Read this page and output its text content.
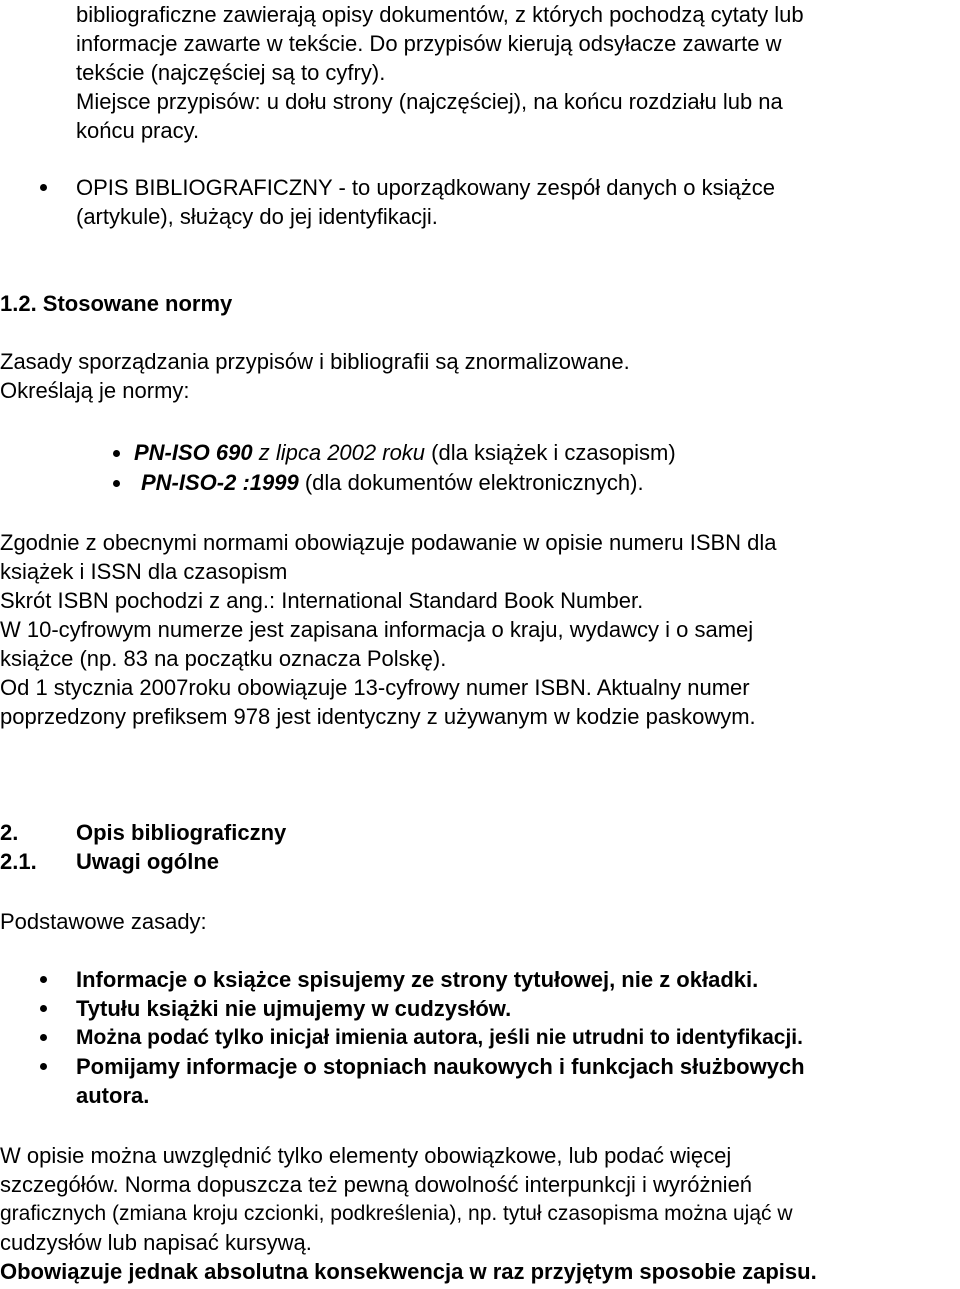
bibliograficzne zawierają opisy dokumentów, z których pochodzą cytaty lub
informacje zawarte w tekście. Do przypisów kierują odsyłacze zawarte w
tekście (najczęściej są to cyfry).
Miejsce przypisów: u dołu strony (najczęściej), na końcu rozdziału lub na
końcu pracy.
OPIS BIBLIOGRAFICZNY - to uporządkowany zespół danych o książce
(artykule), służący do jej identyfikacji.
1.2. Stosowane normy
Zasady sporządzania przypisów i bibliografii są znormalizowane.
Określają je normy:
PN-ISO 690 z lipca 2002 roku (dla książek i czasopism)
PN-ISO-2 :1999 (dla dokumentów elektronicznych).
Zgodnie z obecnymi normami obowiązuje podawanie w opisie numeru ISBN dla
książek i ISSN dla czasopism
Skrót ISBN pochodzi z ang.: International Standard Book Number.
W 10-cyfrowym numerze jest zapisana informacja o kraju, wydawcy i o samej
książce (np. 83 na początku oznacza Polskę).
Od 1 stycznia 2007roku obowiązuje 13-cyfrowy numer ISBN. Aktualny numer
poprzedzony prefiksem 978 jest identyczny z używanym w kodzie paskowym.
2.	Opis bibliograficzny
2.1. Uwagi ogólne
Podstawowe zasady:
Informacje o książce spisujemy ze strony tytułowej, nie z okładki.
Tytułu książki nie ujmujemy w cudzysłów.
Można podać tylko inicjał imienia autora, jeśli nie utrudni to identyfikacji.
Pomijamy informacje o stopniach naukowych i funkcjach służbowych
autora.
W opisie można uwzględnić tylko elementy obowiązkowe, lub podać więcej
szczegółów. Norma dopuszcza też pewną dowolność interpunkcji i wyróżnień
graficznych (zmiana kroju czcionki, podkreślenia), np. tytuł czasopisma można ująć w
cudzysłów lub napisać kursywą.
Obowiązuje jednak absolutna konsekwencja w raz przyjętym sposobie zapisu.
